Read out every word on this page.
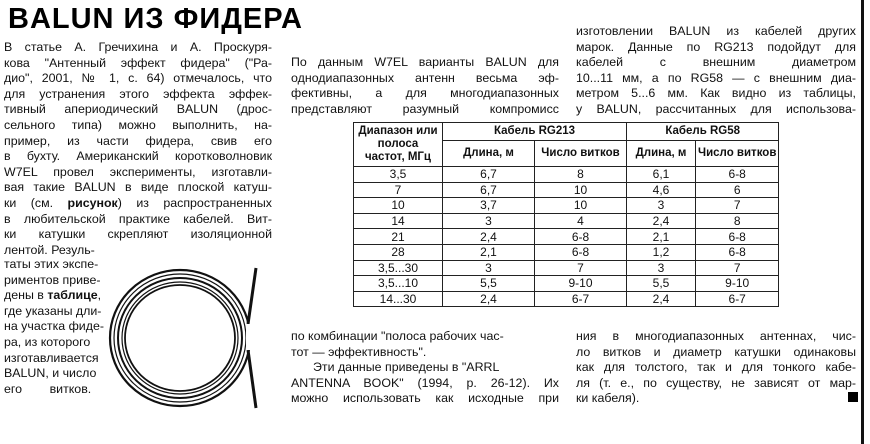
BALUN ИЗ ФИДЕРА
В статье А. Гречихина и А. Проскуря-
кова "Антенный эффект фидера" ("Ра-
дио", 2001, № 1, с. 64) отмечалось, что
для устранения этого эффекта эффек-
тивный апериодический BALUN (дрос-
сельного типа) можно выполнить, на-
пример, из части фидера, свив его
в бухту. Американский коротковолновик
W7EL провел эксперименты, изготавли-
вая такие BALUN в виде плоской катуш-
ки (см. рисунок) из распространенных
в любительской практике кабелей. Вит-
ки катушки скрепляют изоляционной
лентой. Резуль-
таты этих экспе-
риментов приве-
дены в таблице,
где указаны дли-
на участка фиде-
ра, из которого
изготавливается
BALUN, и число
его        витков.
По данным W7EL варианты BALUN для
однодиапазонных антенн весьма эф-
фективны, а для многодиапазонных
представляют разумный компромисс
изготовлении BALUN из кабелей других
марок. Данные по RG213 подойдут для
кабелей    с    внешним    диаметром
10...11 мм, а по RG58 — с внешним диа-
метром 5...6 мм. Как видно из таблицы,
у BALUN, рассчитанных для использова-
Диапазон или полоса частот, МГц	Кабель RG213		Кабель RG58	
	Длина, м	Число витков	Длина, м	Число витков
3,5	6,7	8	6,1	6-8
7	6,7	10	4,6	6
10	3,7	10	3	7
14	3	4	2,4	8
21	2,4	6-8	2,1	6-8
28	2,1	6-8	1,2	6-8
3,5...30	3	7	3	7
3,5...10	5,5	9-10	5,5	9-10
14...30	2,4	6-7	2,4	6-7
по комбинации "полоса рабочих час-
тот — эффективность".
Эти данные приведены в "ARRL
ANTENNA BOOK" (1994, р. 26-12). Их
можно использовать как исходные при
ния в многодиапазонных антеннах, чис-
ло витков и диаметр катушки одинаковы
как для толстого, так и для тонкого кабе-
ля (т. е., по существу, не зависят от мар-
ки кабеля).
